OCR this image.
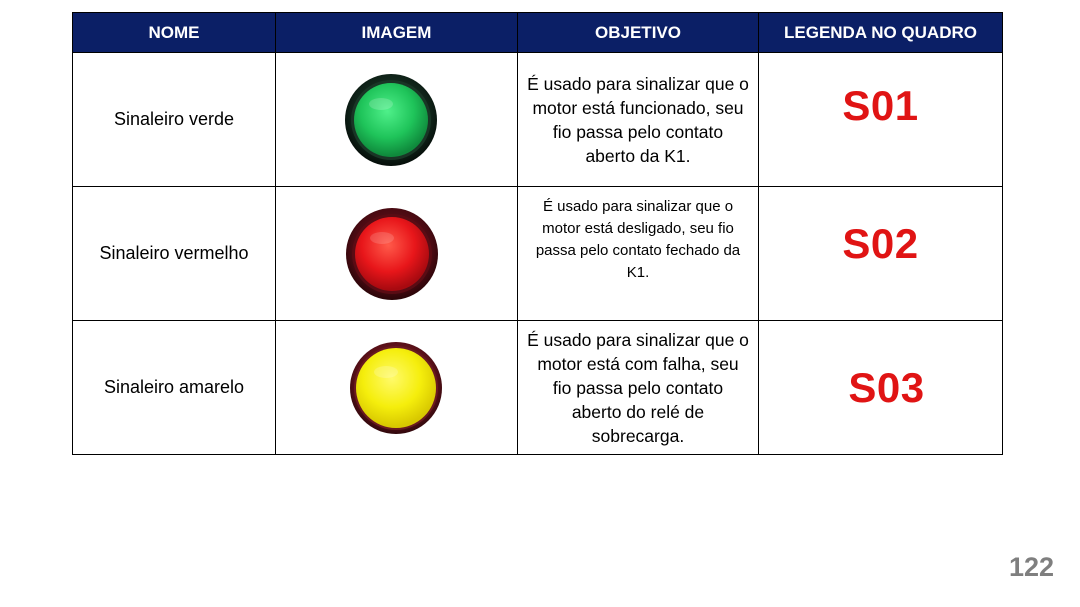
NOME	IMAGEM	OBJETIVO	LEGENDA NO QUADRO
Sinaleiro verde		É usado para sinalizar que o motor está funcionado, seu fio passa pelo contato aberto da K1.	S01
Sinaleiro vermelho		É usado para sinalizar que o motor está desligado, seu fio passa pelo contato fechado da K1.	S02
Sinaleiro amarelo		É usado para sinalizar que o motor está com falha, seu fio passa pelo contato aberto do relé de sobrecarga.	S03
122
